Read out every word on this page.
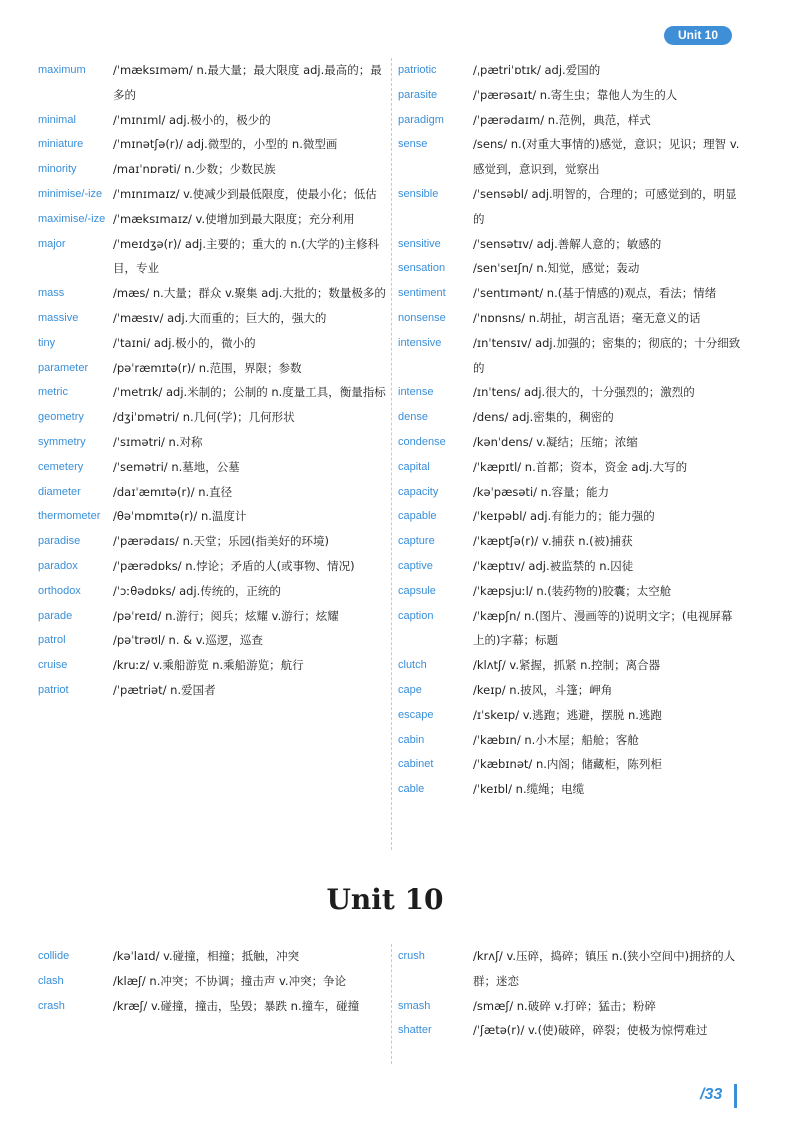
Unit 10
maximum	/ˈmæksɪməm/ n.最大量；最大限度 adj.最高的；最多的
minimal	/ˈmɪnɪml/ adj.极小的，极少的
miniature	/ˈmɪnətʃə(r)/ adj.微型的，小型的 n.微型画
minority	/maɪˈnɒrəti/ n.少数；少数民族
minimise/-ize /ˈmɪnɪmaɪz/ v.使减少到最低限度，使最小化；低估
maximise/-ize /ˈmæksɪmaɪz/ v.使增加到最大限度；充分利用
major	/ˈmeɪdʒə(r)/ adj.主要的；重大的 n.(大学的)主修科目，专业
mass	/mæs/ n.大量；群众 v.聚集 adj.大批的；数量极多的
massive	/ˈmæsɪv/ adj.大而重的；巨大的，强大的
tiny	/ˈtaɪni/ adj.极小的，微小的
parameter	/pəˈræmɪtə(r)/ n.范围，界限；参数
metric	/ˈmetrɪk/ adj.米制的；公制的 n.度量工具，衡量指标
geometry	/dʒiˈɒmətri/ n.几何(学)；几何形状
symmetry	/ˈsɪmətri/ n.对称
cemetery	/ˈsemətri/ n.墓地，公墓
diameter	/daɪˈæmɪtə(r)/ n.直径
thermometer	/θəˈmɒmɪtə(r)/ n.温度计
paradise	/ˈpærədaɪs/ n.天堂；乐园(指美好的环境)
paradox	/ˈpærədɒks/ n.悖论；矛盾的人(或事物、情况)
orthodox	/ˈɔːθədɒks/ adj.传统的，正统的
parade	/pəˈreɪd/ n.游行；阅兵；炫耀 v.游行；炫耀
patrol	/pəˈtrəʊl/ n. & v.巡逻，巡查
cruise	/kruːz/ v.乘船游览 n.乘船游览；航行
patriot	/ˈpætriət/ n.爱国者
patriotic	/ˌpætriˈɒtɪk/ adj.爱国的
parasite	/ˈpærəsaɪt/ n.寄生虫；靠他人为生的人
paradigm	/ˈpærədaɪm/ n.范例，典范，样式
sense	/sens/ n.(对重大事情的)感觉，意识；见识；理智 v.感觉到，意识到，觉察出
sensible	/ˈsensəbl/ adj.明智的，合理的；可感觉到的，明显的
sensitive	/ˈsensətɪv/ adj.善解人意的；敏感的
sensation	/senˈseɪʃn/ n.知觉，感觉；轰动
sentiment	/ˈsentɪmənt/ n.(基于情感的)观点，看法；情绪
nonsense	/ˈnɒnsns/ n.胡扯，胡言乱语；毫无意义的话
intensive	/ɪnˈtensɪv/ adj.加强的；密集的；彻底的；十分细致的
intense	/ɪnˈtens/ adj.很大的，十分强烈的；激烈的
dense	/dens/ adj.密集的，稠密的
condense	/kənˈdens/ v.凝结；压缩；浓缩
capital	/ˈkæpɪtl/ n.首都；资本，资金 adj.大写的
capacity	/kəˈpæsəti/ n.容量；能力
capable	/ˈkeɪpəbl/ adj.有能力的；能力强的
capture	/ˈkæptʃə(r)/ v.捕获 n.(被)捕获
captive	/ˈkæptɪv/ adj.被监禁的 n.囚徒
capsule	/ˈkæpsjuːl/ n.(装药物的)胶囊；太空舱
caption	/ˈkæpʃn/ n.(图片、漫画等的)说明文字；(电视屏幕上的)字幕；标题
clutch	/klʌtʃ/ v.紧握，抓紧 n.控制；离合器
cape	/keɪp/ n.披风，斗篷；岬角
escape	/ɪˈskeɪp/ v.逃跑；逃避，摆脱 n.逃跑
cabin	/ˈkæbɪn/ n.小木屋；船舱；客舱
cabinet	/ˈkæbɪnət/ n.内阁；储藏柜，陈列柜
cable	/ˈkeɪbl/ n.缆绳；电缆
Unit 10
collide	/kəˈlaɪd/ v.碰撞，相撞；抵触，冲突
clash	/klæʃ/ n.冲突；不协调；撞击声 v.冲突；争论
crash	/kræʃ/ v.碰撞，撞击，坠毁；暴跌 n.撞车，碰撞
crush	/krʌʃ/ v.压碎，捣碎；镇压 n.(狭小空间中)拥挤的人群；迷恋
smash	/smæʃ/ n.破碎 v.打碎；猛击；粉碎
shatter	/ˈʃætə(r)/ v.(使)破碎，碎裂；使极为惊愕难过
/33
